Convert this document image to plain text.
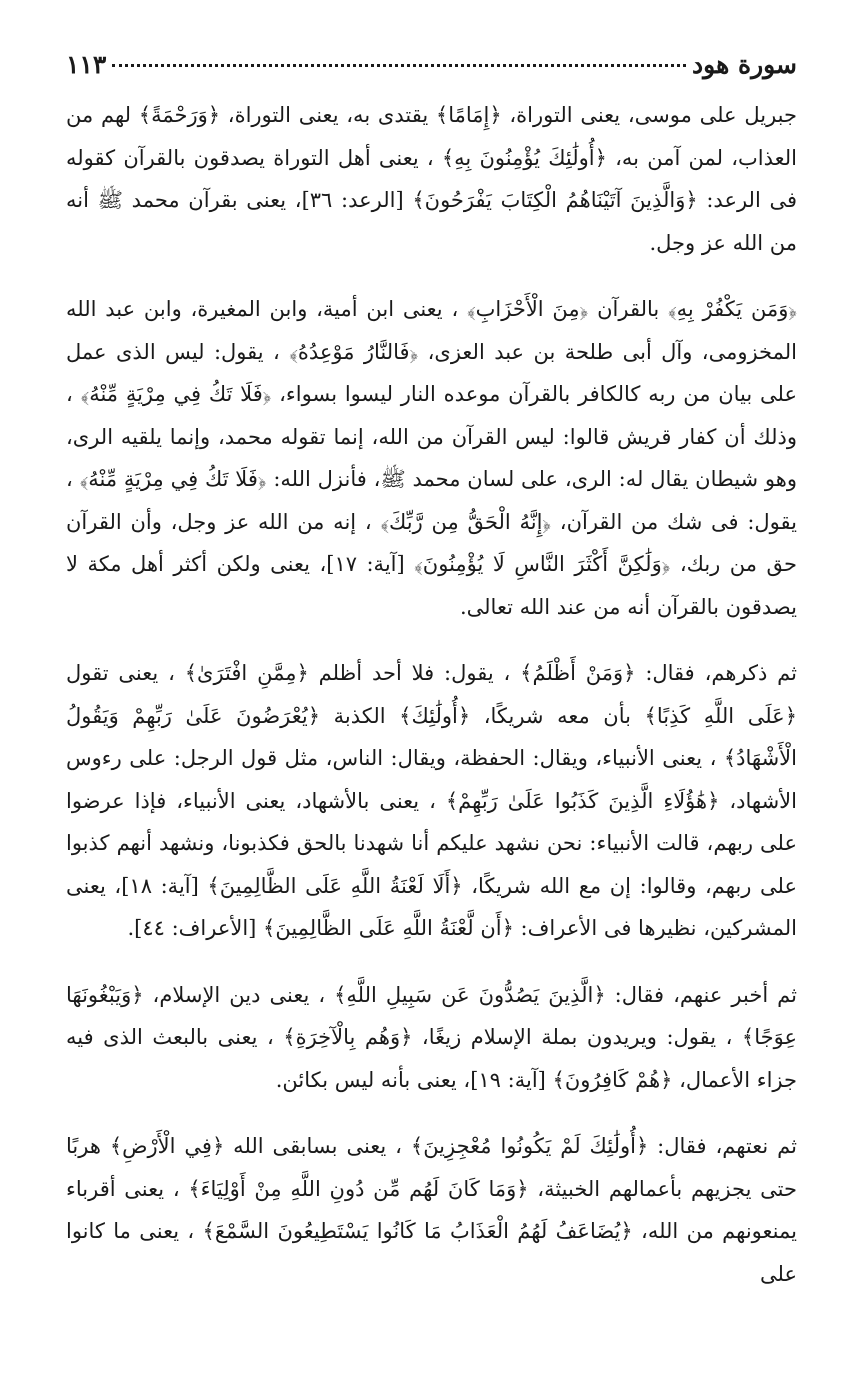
سورة هود
١١٣

جبريل على موسى، يعنى التوراة، ﴿إِمَامًا﴾ يقتدى به، يعنى التوراة، ﴿وَرَحْمَةً﴾ لهم من العذاب، لمن آمن به، ﴿أُولَٰئِكَ يُؤْمِنُونَ بِهِ﴾ ، يعنى أهل التوراة يصدقون بالقرآن كقوله فى الرعد: ﴿وَالَّذِينَ آتَيْنَاهُمُ الْكِتَابَ يَفْرَحُونَ﴾ [الرعد: ٣٦]، يعنى بقرآن محمد ﷺ أنه من الله عز وجل.

﴿وَمَن يَكْفُرْ بِهِ﴾ بالقرآن ﴿مِنَ الْأَحْزَابِ﴾ ، يعنى ابن أمية، وابن المغيرة، وابن عبد الله المخزومى، وآل أبى طلحة بن عبد العزى، ﴿فَالنَّارُ مَوْعِدُهُ﴾ ، يقول: ليس الذى عمل على بيان من ربه كالكافر بالقرآن موعده النار ليسوا بسواء، ﴿فَلَا تَكُ فِي مِرْيَةٍ مِّنْهُ﴾ ، وذلك أن كفار قريش قالوا: ليس القرآن من الله، إنما تقوله محمد، وإنما يلقيه الرى، وهو شيطان يقال له: الرى، على لسان محمد ﷺ، فأنزل الله: ﴿فَلَا تَكُ فِي مِرْيَةٍ مِّنْهُ﴾ ، يقول: فى شك من القرآن، ﴿إِنَّهُ الْحَقُّ مِن رَّبِّكَ﴾ ، إنه من الله عز وجل، وأن القرآن حق من ربك، ﴿وَلَٰكِنَّ أَكْثَرَ النَّاسِ لَا يُؤْمِنُونَ﴾ [آية: ١٧]، يعنى ولكن أكثر أهل مكة لا يصدقون بالقرآن أنه من عند الله تعالى.

ثم ذكرهم، فقال: ﴿وَمَنْ أَظْلَمُ﴾ ، يقول: فلا أحد أظلم ﴿مِمَّنِ افْتَرَىٰ﴾ ، يعنى تقول ﴿عَلَى اللَّهِ كَذِبًا﴾ بأن معه شريكًا، ﴿أُولَٰئِكَ﴾ الكذبة ﴿يُعْرَضُونَ عَلَىٰ رَبِّهِمْ وَيَقُولُ الْأَشْهَادُ﴾ ، يعنى الأنبياء، ويقال: الحفظة، ويقال: الناس، مثل قول الرجل: على رءوس الأشهاد، ﴿هَٰؤُلَاءِ الَّذِينَ كَذَبُوا عَلَىٰ رَبِّهِمْ﴾ ، يعنى بالأشهاد، يعنى الأنبياء، فإذا عرضوا على ربهم، قالت الأنبياء: نحن نشهد عليكم أنا شهدنا بالحق فكذبونا، ونشهد أنهم كذبوا على ربهم، وقالوا: إن مع الله شريكًا، ﴿أَلَا لَعْنَةُ اللَّهِ عَلَى الظَّالِمِينَ﴾ [آية: ١٨]، يعنى المشركين، نظيرها فى الأعراف: ﴿أَن لَّعْنَةُ اللَّهِ عَلَى الظَّالِمِينَ﴾ [الأعراف: ٤٤].

ثم أخبر عنهم، فقال: ﴿الَّذِينَ يَصُدُّونَ عَن سَبِيلِ اللَّهِ﴾ ، يعنى دين الإسلام، ﴿وَيَبْغُونَهَا عِوَجًا﴾ ، يقول: ويريدون بملة الإسلام زيغًا، ﴿وَهُم بِالْآخِرَةِ﴾ ، يعنى بالبعث الذى فيه جزاء الأعمال، ﴿هُمْ كَافِرُونَ﴾ [آية: ١٩]، يعنى بأنه ليس بكائن.

ثم نعتهم، فقال: ﴿أُولَٰئِكَ لَمْ يَكُونُوا مُعْجِزِينَ﴾ ، يعنى بسابقى الله ﴿فِي الْأَرْضِ﴾ هربًا حتى يجزيهم بأعمالهم الخبيثة، ﴿وَمَا كَانَ لَهُم مِّن دُونِ اللَّهِ مِنْ أَوْلِيَاءَ﴾ ، يعنى أقرباء يمنعونهم من الله، ﴿يُضَاعَفُ لَهُمُ الْعَذَابُ مَا كَانُوا يَسْتَطِيعُونَ السَّمْعَ﴾ ، يعنى ما كانوا على
